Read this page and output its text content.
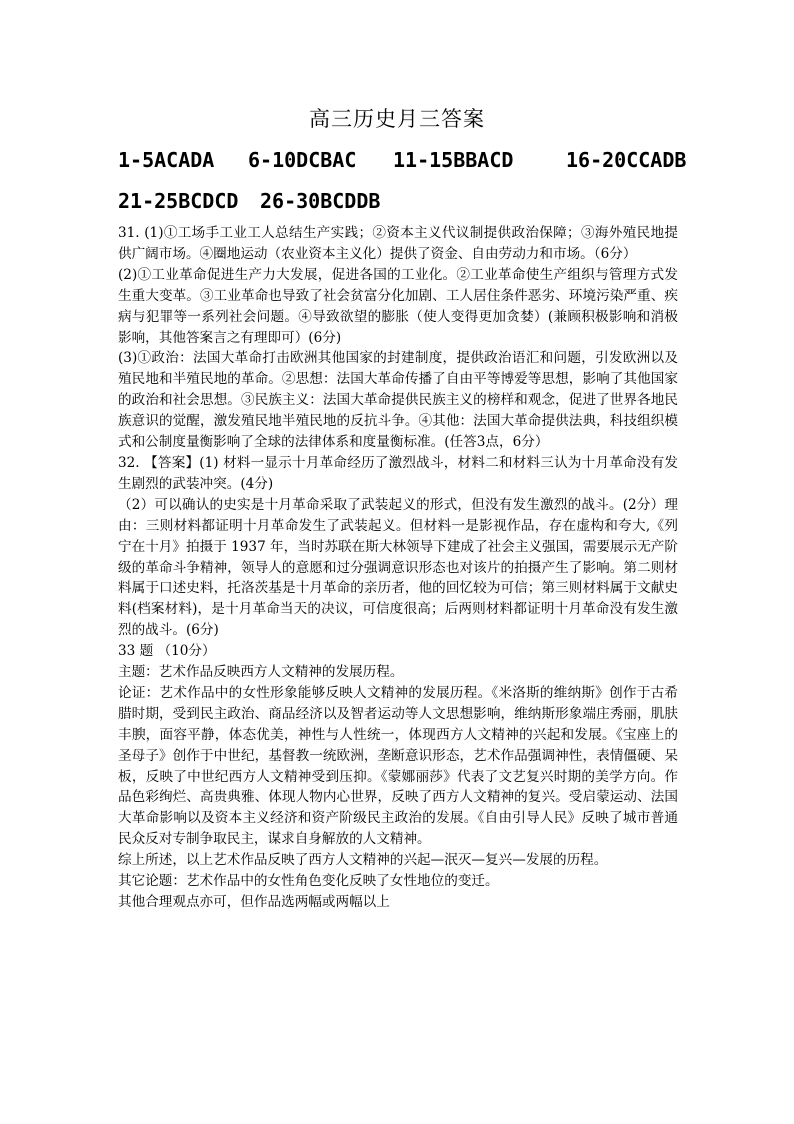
高三历史月三答案
1-5ACADA 6-10DCBAC 11-15BBACD	16-20CCADB
21-25BCDCD 26-30BCDDB

31. (1)①工场手工业工人总结生产实践；②资本主义代议制提供政治保障；③海外殖民地提供广阔市场。④圈地运动（农业资本主义化）提供了资金、自由劳动力和市场。（6分）

(2)①工业革命促进生产力大发展，促进各国的工业化。②工业革命使生产组织与管理方式发生重大变革。③工业革命也导致了社会贫富分化加剧、工人居住条件恶劣、环境污染严重、疾病与犯罪等一系列社会问题。④导致欲望的膨胀（使人变得更加贪婪）(兼顾积极影响和消极影响，其他答案言之有理即可）(6分)

(3)①政治：法国大革命打击欧洲其他国家的封建制度，提供政治语汇和问题，引发欧洲以及殖民地和半殖民地的革命。②思想：法国大革命传播了自由平等博爱等思想，影响了其他国家的政治和社会思想。③民族主义：法国大革命提供民族主义的榜样和观念，促进了世界各地民族意识的觉醒，激发殖民地半殖民地的反抗斗争。④其他：法国大革命提供法典，科技组织模式和公制度量衡影响了全球的法律体系和度量衡标准。(任答3点，6分）

32. 【答案】(1) 材料一显示十月革命经历了激烈战斗，材料二和材料三认为十月革命没有发生剧烈的武装冲突。(4分)

（2）可以确认的史实是十月革命采取了武装起义的形式，但没有发生激烈的战斗。(2分）理由：三则材料都证明十月革命发生了武装起义。但材料一是影视作品，存在虚构和夸大,《列宁在十月》拍摄于 1937 年，当时苏联在斯大林领导下建成了社会主义强国，需要展示无产阶级的革命斗争精神，领导人的意愿和过分强调意识形态也对该片的拍摄产生了影响。第二则材料属于口述史料，托洛茨基是十月革命的亲历者，他的回忆较为可信；第三则材料属于文献史料(档案材料)，是十月革命当天的决议，可信度很高；后两则材料都证明十月革命没有发生激烈的战斗。(6分)

33 题 （10分）

主题：艺术作品反映西方人文精神的发展历程。

论证：艺术作品中的女性形象能够反映人文精神的发展历程。《米洛斯的维纳斯》创作于古希腊时期，受到民主政治、商品经济以及智者运动等人文思想影响，维纳斯形象端庄秀丽，肌肤丰腴，面容平静，体态优美，神性与人性统一，体现西方人文精神的兴起和发展。《宝座上的圣母子》创作于中世纪，基督教一统欧洲，垄断意识形态，艺术作品强调神性，表情僵硬、呆板，反映了中世纪西方人文精神受到压抑。《蒙娜丽莎》代表了文艺复兴时期的美学方向。作品色彩绚烂、高贵典雅、体现人物内心世界，反映了西方人文精神的复兴。受启蒙运动、法国大革命影响以及资本主义经济和资产阶级民主政治的发展。《自由引导人民》反映了城市普通民众反对专制争取民主，谋求自身解放的人文精神。

综上所述，以上艺术作品反映了西方人文精神的兴起—泯灭—复兴—发展的历程。

其它论题：艺术作品中的女性角色变化反映了女性地位的变迁。

其他合理观点亦可，但作品选两幅或两幅以上
